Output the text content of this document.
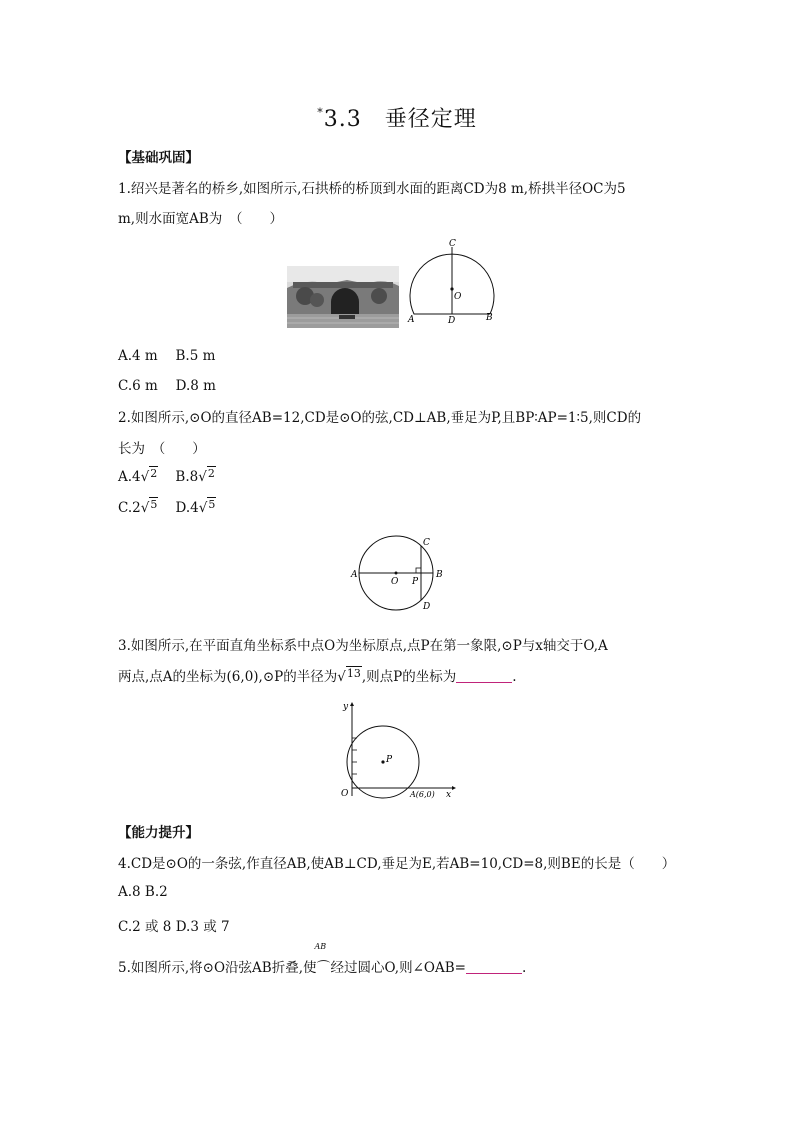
*3.3　 垂径定理
【基础巩固】
1.绍兴是著名的桥乡,如图所示,石拱桥的桥顶到水面的距离CD为8 m,桥拱半径OC为5
m,则水面宽AB为　（　　）
C
O
A	D	B
A.4 m　 B.5 m
C.6 m　 D.8 m
2.如图所示,⊙O的直径AB=12,CD是⊙O的弦,CD⊥AB,垂足为P,且BP∶AP=1∶5,则CD的
长为　（　　）
A.4√$^2$ B.8√$^2$
C.2√$^5$ D.4√$^5$
A
O P
B
C
D
3.如图所示,在平面直角坐标系中点O为坐标原点,点P在第一象限,⊙P与x轴交于O,A
两点,点A的坐标为(6,0),⊙P的半径为√$^{13}$,则点P的坐标为	.
y
P
O	A(6,0) x
【能力提升】
4.CD是⊙O的一条弦,作直径AB,使AB⊥CD,垂足为E,若AB=10,CD=8,则BE的长是（　　）
A.8 B.2
C.2 或 8 D.3 或 7
5.如图所示,将⊙O沿弦AB折叠,使
AB
⌒经过圆心O,则∠OAB=	.
